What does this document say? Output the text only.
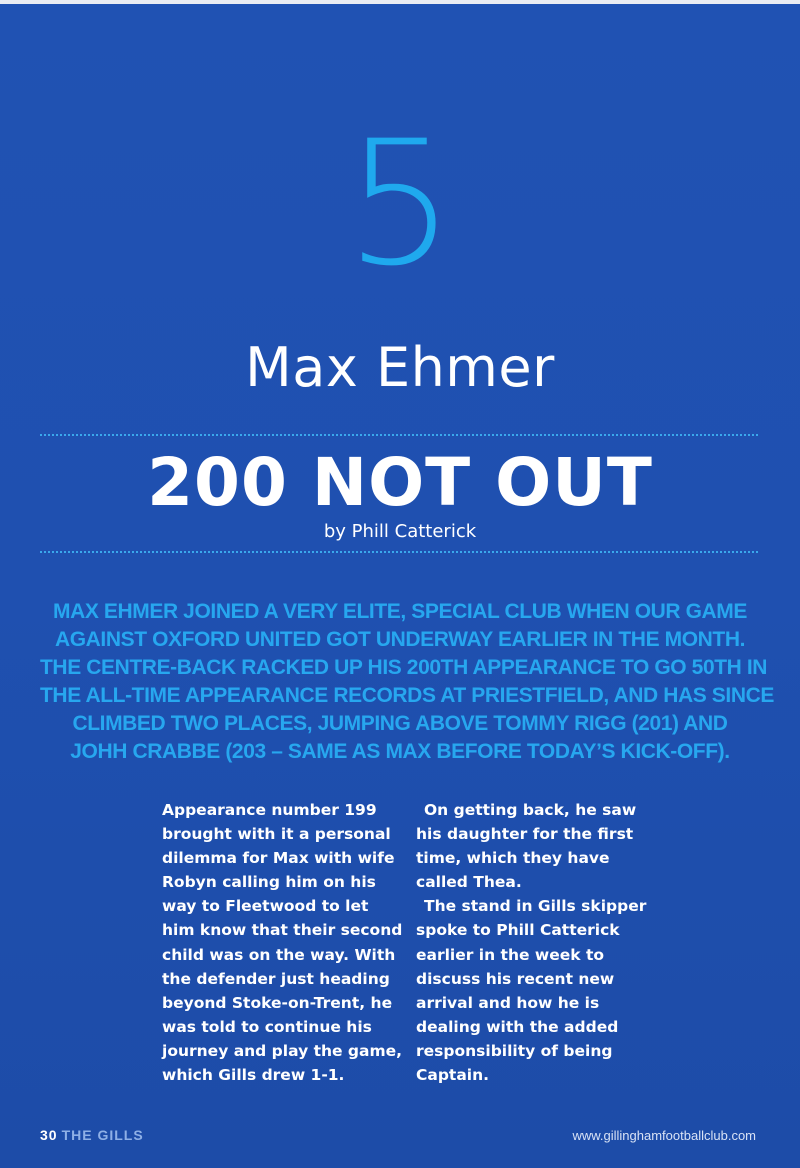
5
Max Ehmer
200 NOT OUT
by Phill Catterick
MAX EHMER JOINED A VERY ELITE, SPECIAL CLUB WHEN OUR GAME
AGAINST OXFORD UNITED GOT UNDERWAY EARLIER IN THE MONTH.
THE CENTRE-BACK RACKED UP HIS 200TH APPEARANCE TO GO 50TH IN
THE ALL-TIME APPEARANCE RECORDS AT PRIESTFIELD, AND HAS SINCE
CLIMBED TWO PLACES, JUMPING ABOVE TOMMY RIGG (201) AND
JOHH CRABBE (203 – SAME AS MAX BEFORE TODAY’S KICK-OFF).
Appearance number 199
brought with it a personal
dilemma for Max with wife
Robyn calling him on his
way to Fleetwood to let
him know that their second
child was on the way. With
the defender just heading
beyond Stoke-on-Trent, he
was told to continue his
journey and play the game,
which Gills drew 1-1.
On getting back, he saw
his daughter for the first
time, which they have
called Thea.
The stand in Gills skipper
spoke to Phill Catterick
earlier in the week to
discuss his recent new
arrival and how he is
dealing with the added
responsibility of being
Captain.
30 THE GILLS	www.gillinghamfootballclub.com
